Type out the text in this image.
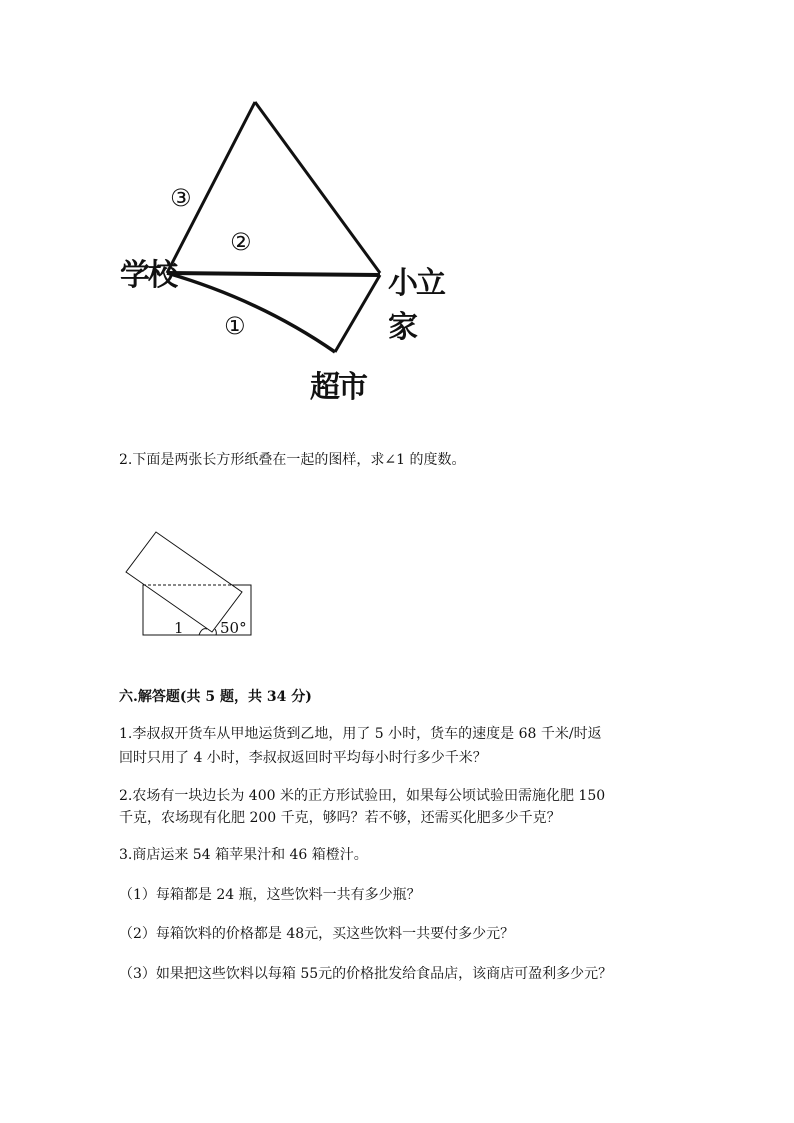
学校	小立家
超市
①
②
③
2.下面是两张长方形纸叠在一起的图样，求∠1 的度数。
1 50°
六.解答题(共 5 题，共 34 分)
1.李叔叔开货车从甲地运货到乙地，用了 5 小时，货车的速度是 68 千米/时返
回时只用了 4 小时，李叔叔返回时平均每小时行多少千米？
2.农场有一块边长为 400 米的正方形试验田，如果每公顷试验田需施化肥 150
千克，农场现有化肥 200 千克，够吗？若不够，还需买化肥多少千克？
3.商店运来 54 箱苹果汁和 46 箱橙汁。
（1）每箱都是 24 瓶，这些饮料一共有多少瓶？
（2）每箱饮料的价格都是 48元，买这些饮料一共要付多少元？
（3）如果把这些饮料以每箱 55元的价格批发给食品店，该商店可盈利多少元？
